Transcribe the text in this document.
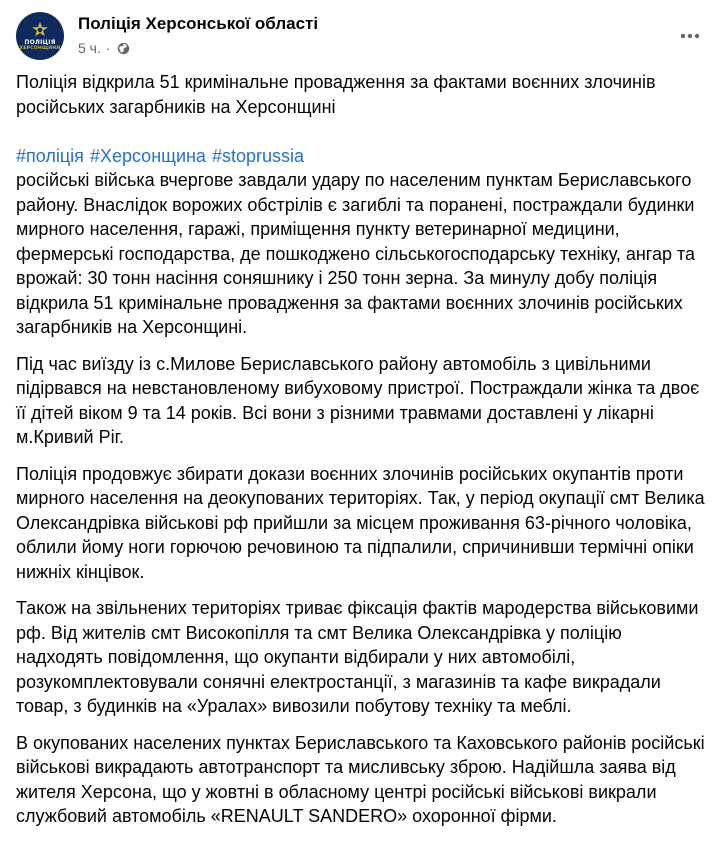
ПОЛІЦІЯ
ХЕРСОНЩИНИ
Поліція Херсонської області
5 ч. ·

Поліція відкрила 51 кримінальне провадження за фактами воєнних злочинів російських загарбників на Херсонщині

#поліція #Херсонщина #stoprussia

російські війська вчергове завдали удару по населеним пунктам Бериславського району. Внаслідок ворожих обстрілів є загиблі та поранені, постраждали будинки мирного населення, гаражі, приміщення пункту ветеринарної медицини, фермерські господарства, де пошкоджено сільськогосподарську техніку, ангар та врожай: 30 тонн насіння соняшнику і 250 тонн зерна. За минулу добу поліція відкрила 51 кримінальне провадження за фактами воєнних злочинів російських загарбників на Херсонщині.

Під час виїзду із с.Милове Бериславського району автомобіль з цивільними підірвався на невстановленому вибуховому пристрої. Постраждали жінка та двоє її дітей віком 9 та 14 років. Всі вони з різними травмами доставлені у лікарні м.Кривий Ріг.

Поліція продовжує збирати докази воєнних злочинів російських окупантів проти мирного населення на деокупованих територіях. Так, у період окупації смт Велика Олександрівка військові рф прийшли за місцем проживання 63-річного чоловіка, облили йому ноги горючою речовиною та підпалили, спричинивши термічні опіки нижніх кінцівок.

Також на звільнених територіях триває фіксація фактів мародерства військовими рф. Від жителів смт Високопілля та смт Велика Олександрівка у поліцію надходять повідомлення, що окупанти відбирали у них автомобілі, розукомплектовували сонячні електростанції, з магазинів та кафе викрадали товар, з будинків на «Уралах» вивозили побутову техніку та меблі.

В окупованих населених пунктах Бериславського та Каховського районів російські військові викрадають автотранспорт та мисливську зброю. Надійшла заява від жителя Херсона, що у жовтні в обласному центрі російські військові викрали службовий автомобіль «RENAULT SANDERO» охоронної фірми.
